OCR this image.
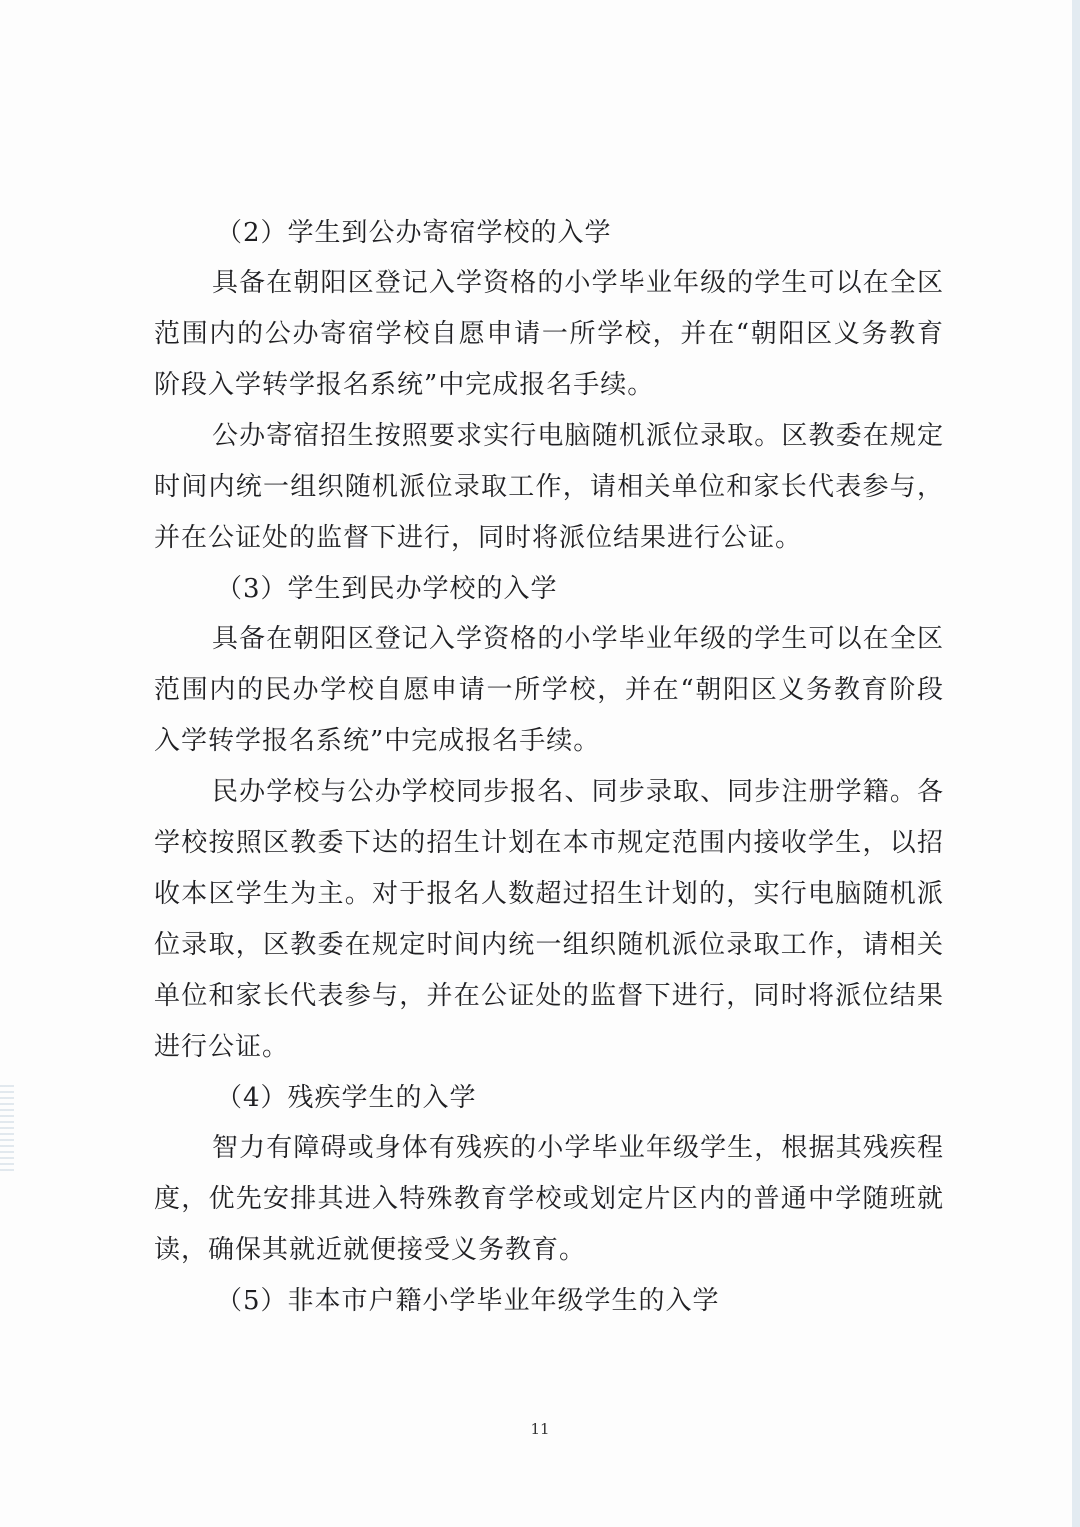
（2）学生到公办寄宿学校的入学

具备在朝阳区登记入学资格的小学毕业年级的学生可以在全区范围内的公办寄宿学校自愿申请一所学校，并在“朝阳区义务教育阶段入学转学报名系统”中完成报名手续。

公办寄宿招生按照要求实行电脑随机派位录取。区教委在规定时间内统一组织随机派位录取工作，请相关单位和家长代表参与，并在公证处的监督下进行，同时将派位结果进行公证。

（3）学生到民办学校的入学

具备在朝阳区登记入学资格的小学毕业年级的学生可以在全区范围内的民办学校自愿申请一所学校，并在“朝阳区义务教育阶段入学转学报名系统”中完成报名手续。

民办学校与公办学校同步报名、同步录取、同步注册学籍。各学校按照区教委下达的招生计划在本市规定范围内接收学生，以招收本区学生为主。对于报名人数超过招生计划的，实行电脑随机派位录取，区教委在规定时间内统一组织随机派位录取工作，请相关单位和家长代表参与，并在公证处的监督下进行，同时将派位结果进行公证。

（4）残疾学生的入学

智力有障碍或身体有残疾的小学毕业年级学生，根据其残疾程度，优先安排其进入特殊教育学校或划定片区内的普通中学随班就读，确保其就近就便接受义务教育。

（5）非本市户籍小学毕业年级学生的入学

11
